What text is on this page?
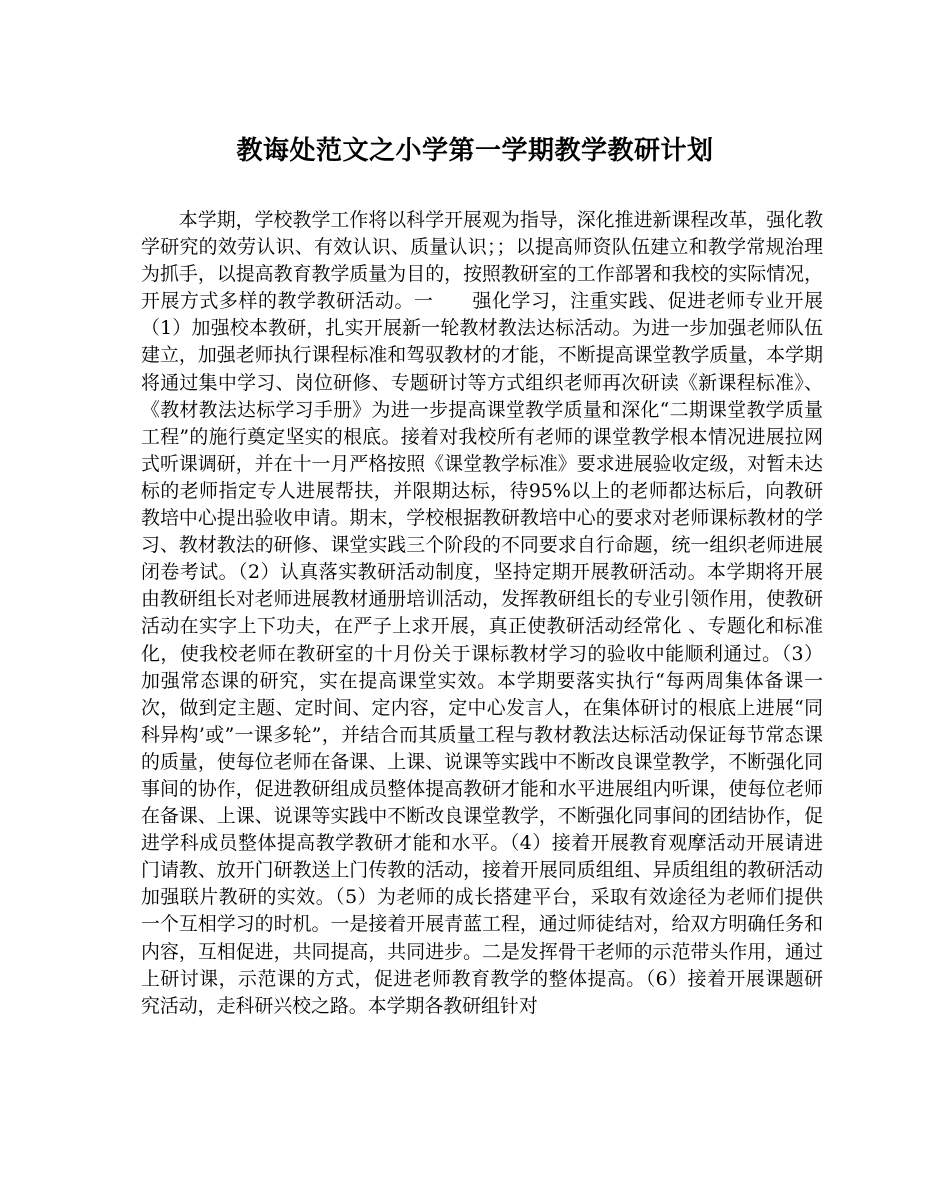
教诲处范文之小学第一学期教学教研计划

本学期，学校教学工作将以科学开展观为指导，深化推进新课程改革，强化教学研究的效劳认识、有效认识、质量认识；；以提高师资队伍建立和教学常规治理为抓手，以提高教育教学质量为目的，按照教研室的工作部署和我校的实际情况，开展方式多样的教学教研活动。一　　强化学习，注重实践、促进老师专业开展 （1）加强校本教研，扎实开展新一轮教材教法达标活动。为进一步加强老师队伍建立，加强老师执行课程标准和驾驭教材的才能，不断提高课堂教学质量，本学期将通过集中学习、岗位研修、专题研讨等方式组织老师再次研读《新课程标准》、《教材教法达标学习手册》为进一步提高课堂教学质量和深化“二期课堂教学质量工程”的施行奠定坚实的根底。接着对我校所有老师的课堂教学根本情况进展拉网式听课调研，并在十一月严格按照《课堂教学标准》要求进展验收定级，对暂未达标的老师指定专人进展帮扶，并限期达标，待95%以上的老师都达标后，向教研教培中心提出验收申请。期末，学校根据教研教培中心的要求对老师课标教材的学习、教材教法的研修、课堂实践三个阶段的不同要求自行命题，统一组织老师进展闭卷考试。（2）认真落实教研活动制度，坚持定期开展教研活动。本学期将开展由教研组长对老师进展教材通册培训活动，发挥教研组长的专业引领作用，使教研活动在实字上下功夫，在严子上求开展，真正使教研活动经常化 、专题化和标准化，使我校老师在教研室的十月份关于课标教材学习的验收中能顺利通过。（3）加强常态课的研究，实在提高课堂实效。本学期要落实执行“每两周集体备课一次，做到定主题、定时间、定内容，定中心发言人，在集体研讨的根底上进展“同科异构’或”一课多轮”，并结合而其质量工程与教材教法达标活动保证每节常态课的质量，使每位老师在备课、上课、说课等实践中不断改良课堂教学，不断强化同事间的协作，促进教研组成员整体提高教研才能和水平进展组内听课，使每位老师在备课、上课、说课等实践中不断改良课堂教学，不断强化同事间的团结协作，促进学科成员整体提高教学教研才能和水平。（4）接着开展教育观摩活动开展请进门请教、放开门研教送上门传教的活动，接着开展同质组组、异质组组的教研活动加强联片教研的实效。（5）为老师的成长搭建平台，采取有效途径为老师们提供一个互相学习的时机。一是接着开展青蓝工程，通过师徒结对，给双方明确任务和内容，互相促进，共同提高，共同进步。二是发挥骨干老师的示范带头作用，通过上研讨课，示范课的方式，促进老师教育教学的整体提高。（6）接着开展课题研究活动，走科研兴校之路。本学期各教研组针对
